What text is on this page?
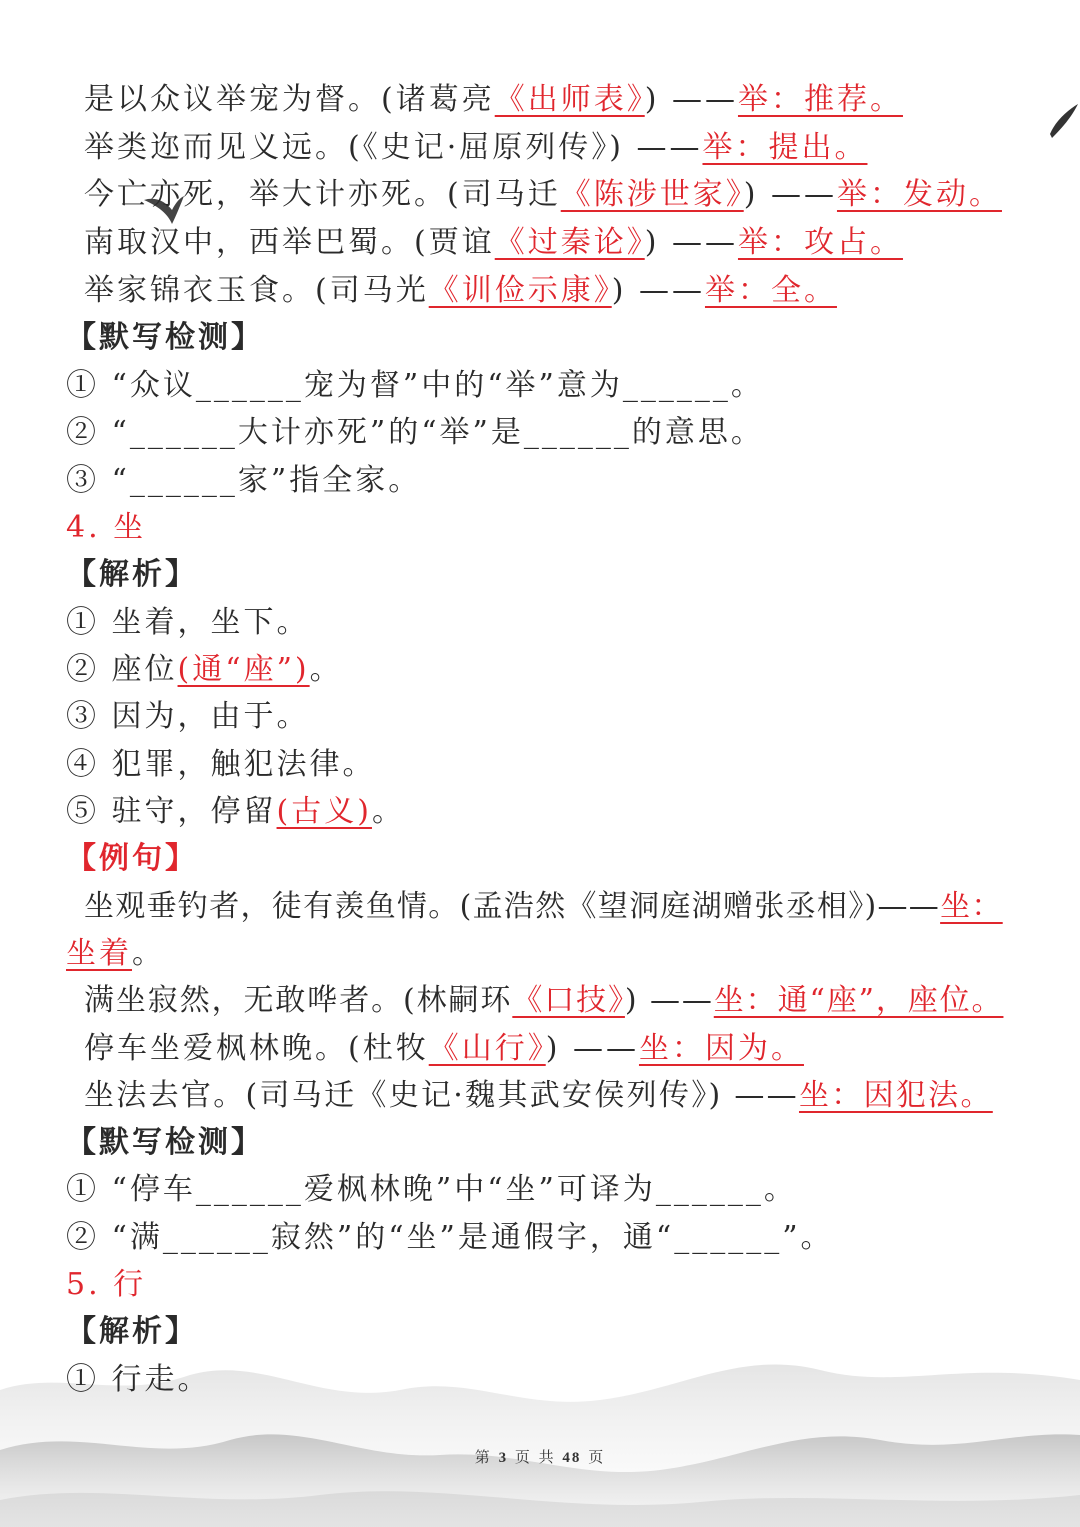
是以众议举宠为督。(诸葛亮《出师表》) ——举：推荐。
举类迩而见义远。(《史记·屈原列传》) ——举：提出。
今亡亦死，举大计亦死。(司马迁《陈涉世家》) ——举：发动。
南取汉中，西举巴蜀。(贾谊《过秦论》) ——举：攻占。
举家锦衣玉食。(司马光《训俭示康》) ——举：全。
【默写检测】
① “众议______宠为督”中的“举”意为______。
② “______大计亦死”的“举”是______的意思。
③ “______家”指全家。
4. 坐
【解析】
① 坐着，坐下。
② 座位(通“座”)。
③ 因为，由于。
④ 犯罪，触犯法律。
⑤ 驻守，停留(古义)。
【例句】
坐观垂钓者，徒有羡鱼情。(孟浩然《望洞庭湖赠张丞相》)——坐：
坐着。
满坐寂然，无敢哗者。(林嗣环《口技》) ——坐：通“座”，座位。
停车坐爱枫林晚。(杜牧《山行》) ——坐：因为。
坐法去官。(司马迁《史记·魏其武安侯列传》) ——坐：因犯法。
【默写检测】
① “停车______爱枫林晚”中“坐”可译为______。
② “满______寂然”的“坐”是通假字，通“______”。
5. 行
【解析】
① 行走。
第 3 页 共 48 页
